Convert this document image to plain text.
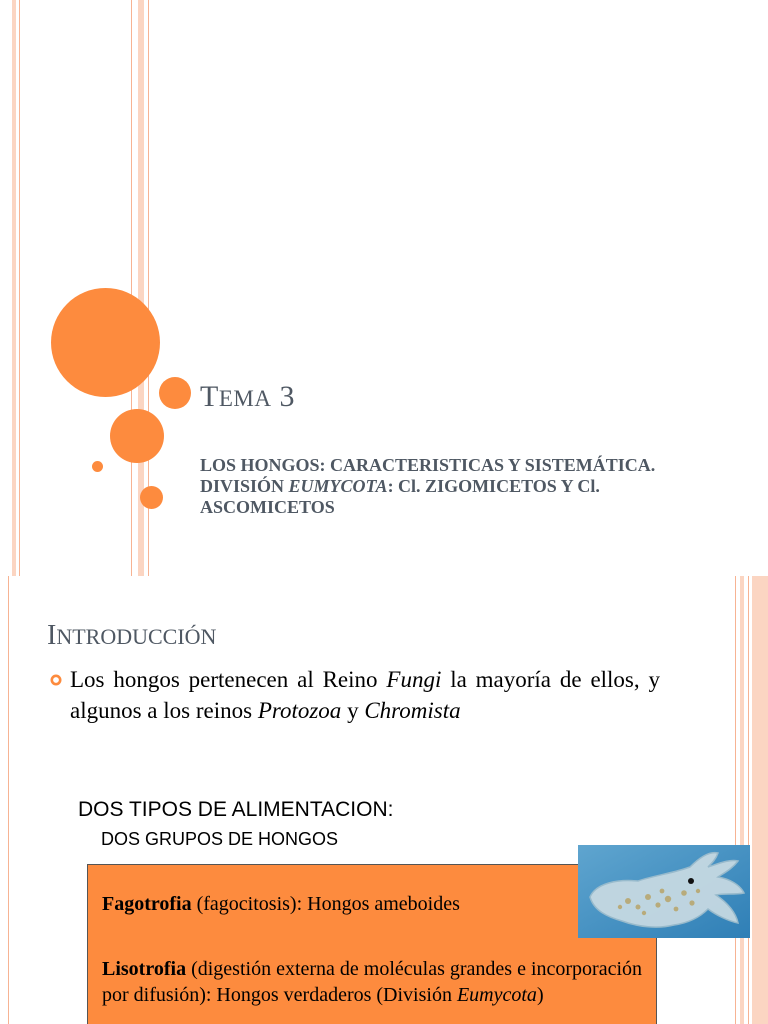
TEMA 3
LOS HONGOS: CARACTERISTICAS Y SISTEMÁTICA. DIVISIÓN EUMYCOTA: Cl. ZIGOMICETOS Y Cl. ASCOMICETOS
INTRODUCCIÓN
Los hongos pertenecen al Reino Fungi la mayoría de ellos, y algunos a los reinos Protozoa y Chromista
DOS TIPOS DE ALIMENTACION:
DOS GRUPOS DE HONGOS

Fagotrofia (fagocitosis): Hongos ameboides

Lisotrofia (digestión externa de moléculas grandes e incorporación por difusión): Hongos verdaderos (División Eumycota)
